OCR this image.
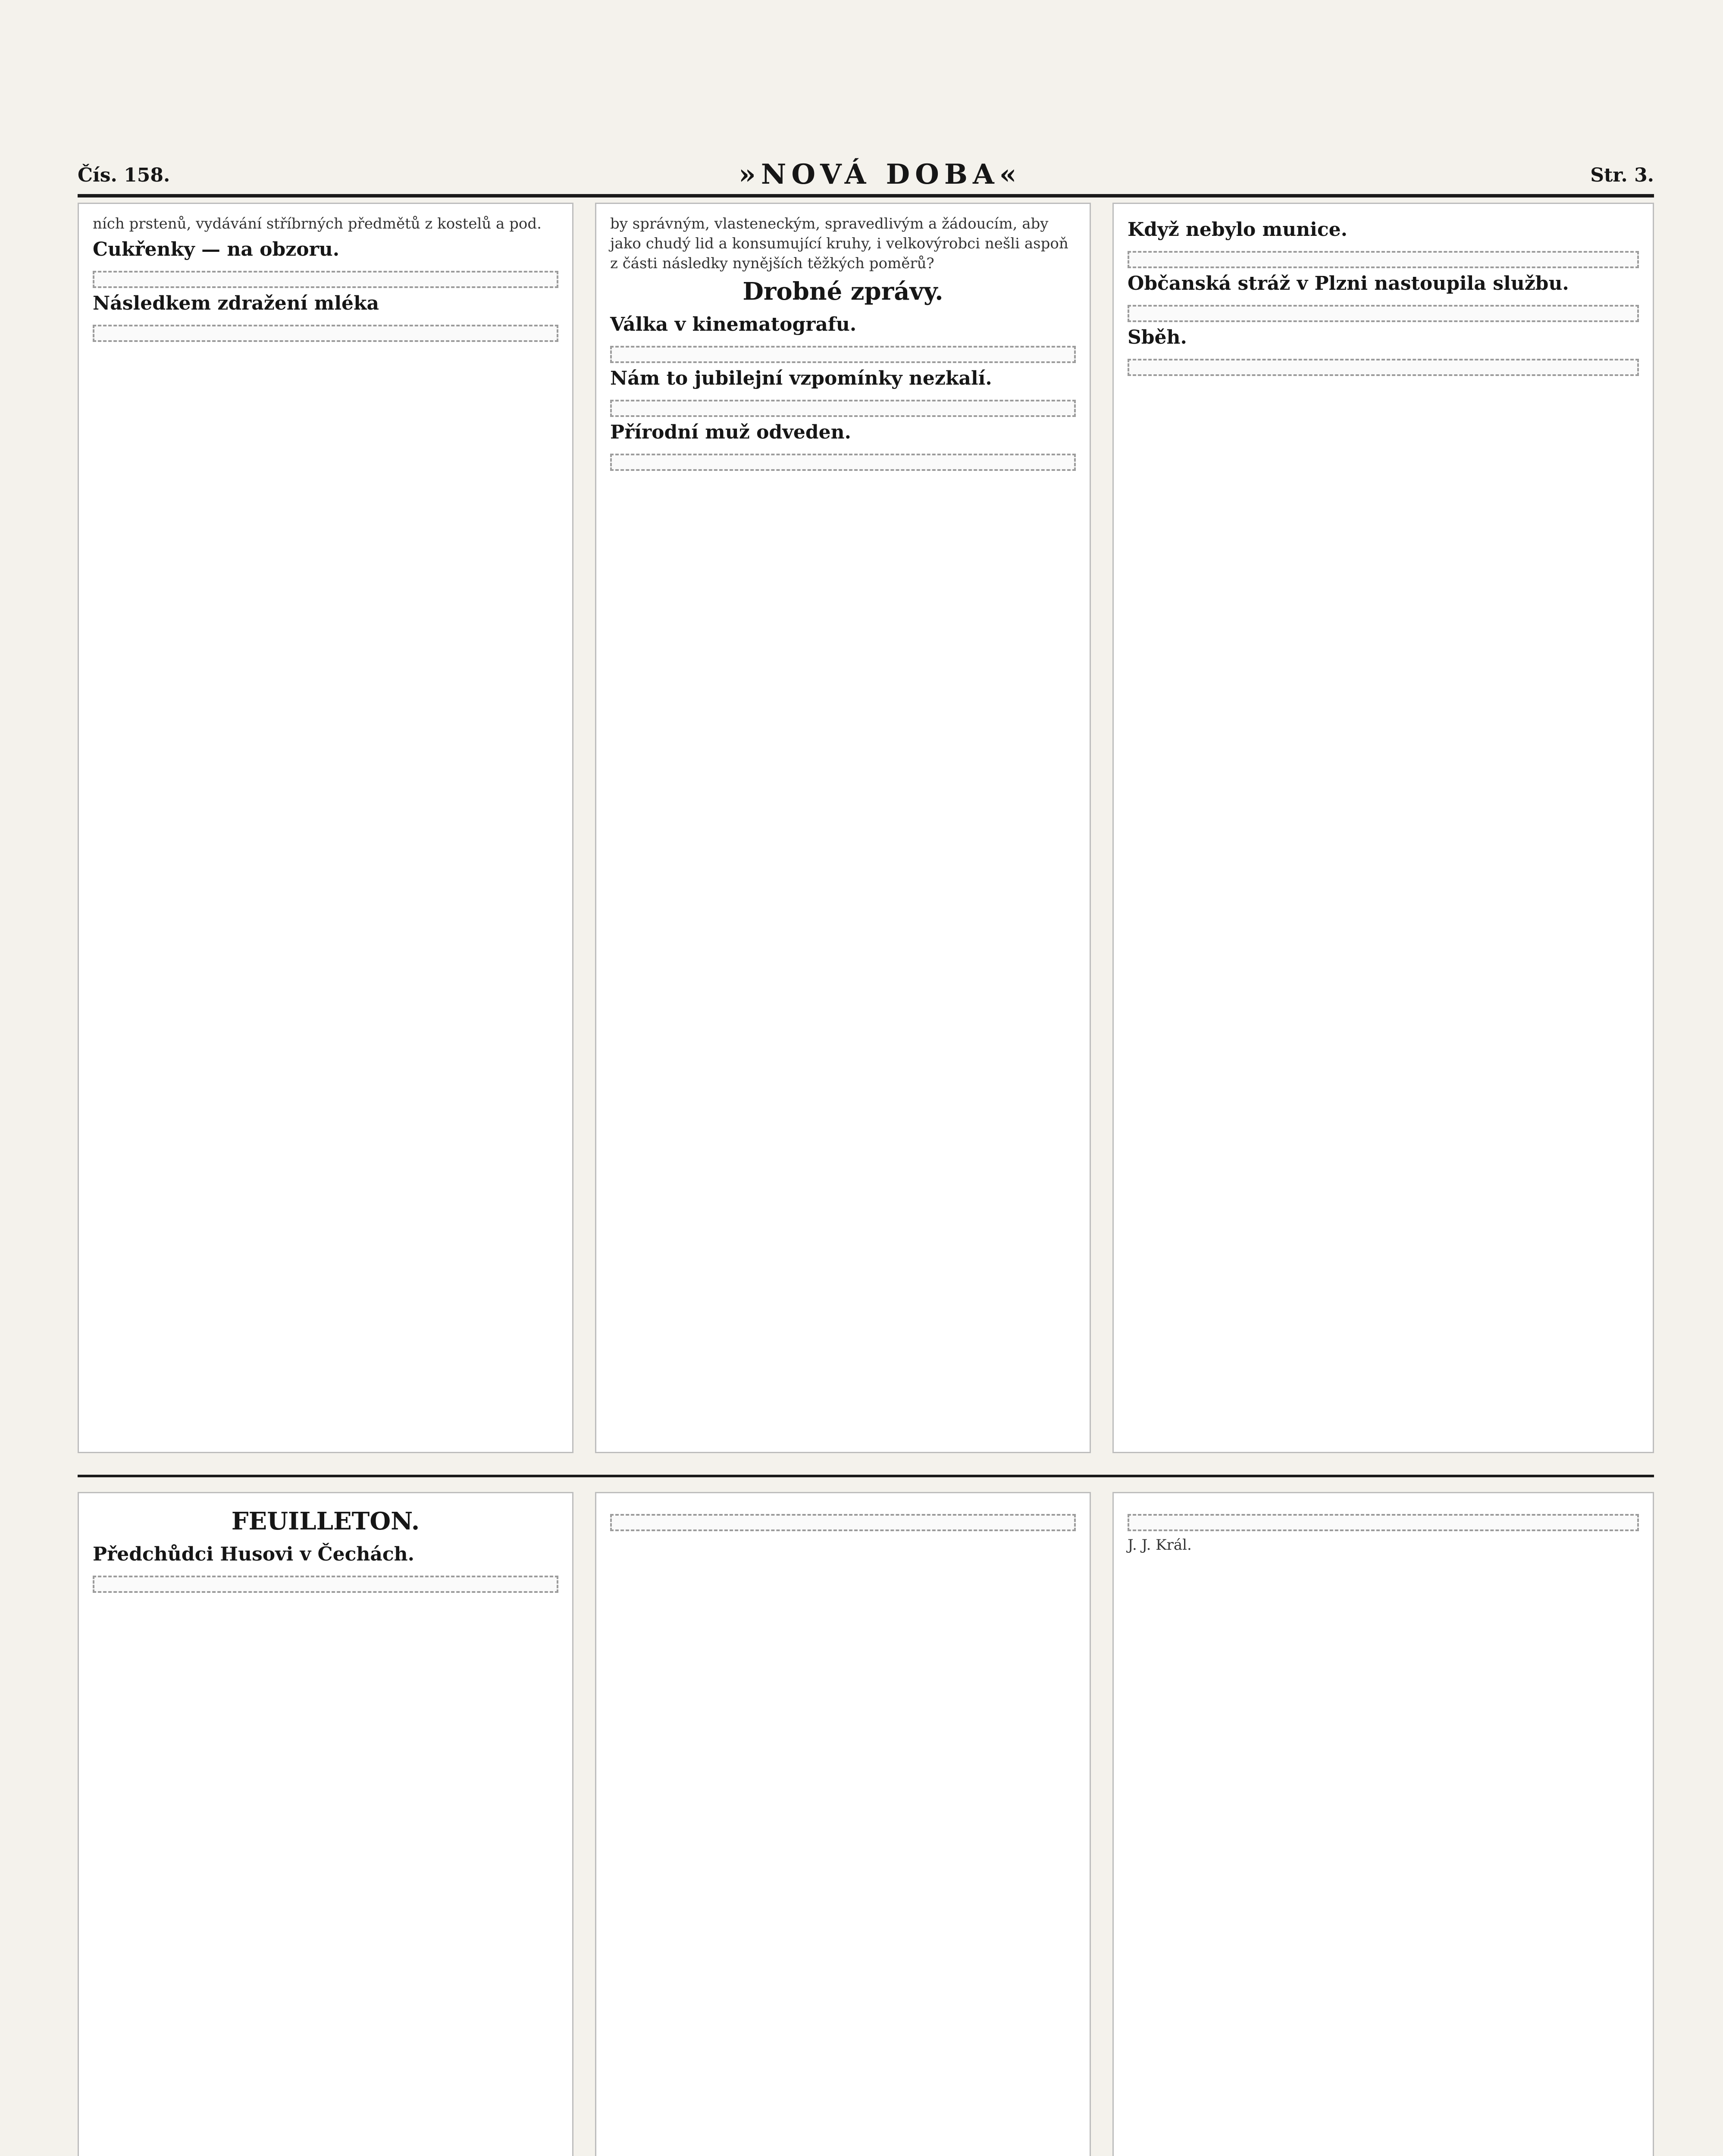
Čís. 158.	»NOVÁ DOBA«	Str. 3.
ních prstenů, vydávání stříbrných předmětů z kostelů a pod.
Cukřenky — na obzoru.
Následkem zdražení mléka
by správným, vlasteneckým, spravedlivým a žádoucím, aby jako chudý lid a konsumující kruhy, i velkovýrobci nešli aspoň z části následky nynějších těžkých poměrů?
Drobné zprávy.
Válka v kinematografu.
Nám to jubilejní vzpomínky nezkalí.
Přírodní muž odveden.
Když nebylo munice.
Občanská stráž v Plzni nastoupila službu.
Sběh.
FEUILLETON.
Předchůdci Husovi v Čechách.	J. J. Král.
